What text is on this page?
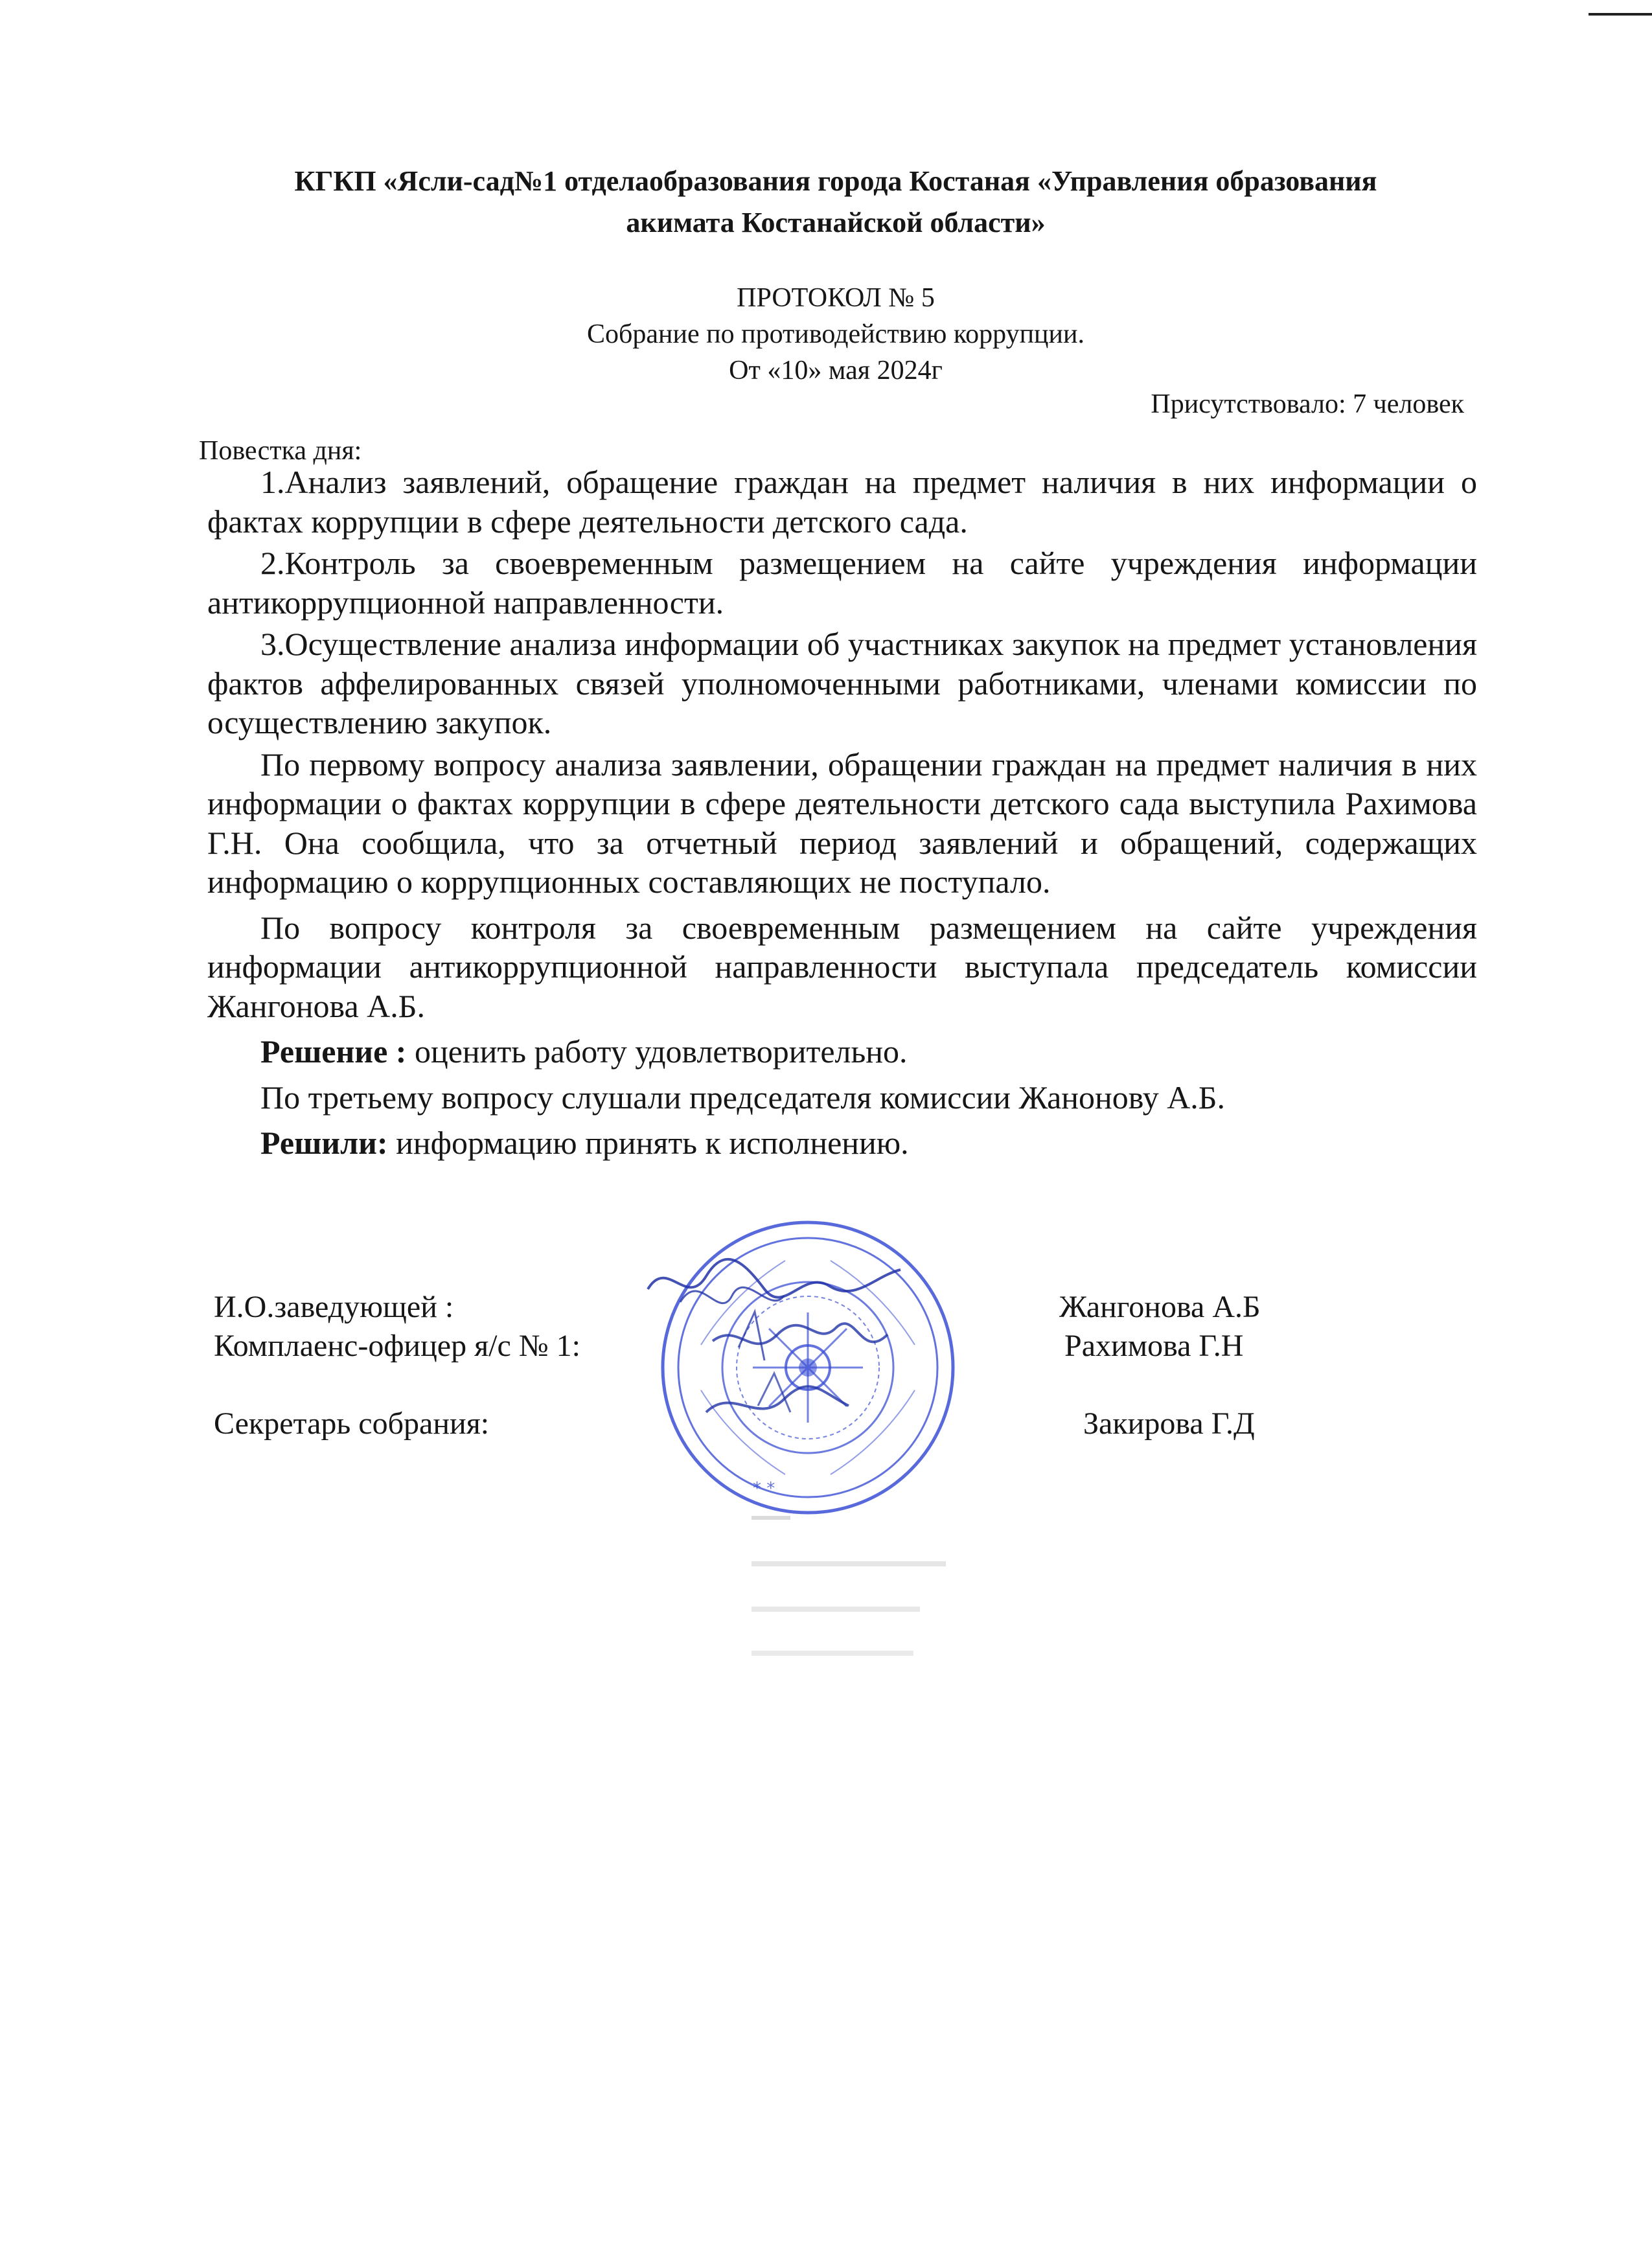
КГКП «Ясли-сад№1 отделаобразования города Костаная «Управления образования
акимата Костанайской области»
ПРОТОКОЛ № 5
Собрание по противодействию коррупции.
От «10» мая 2024г
Присутствовало: 7 человек
Повестка дня:

1.Анализ заявлений, обращение граждан на предмет наличия в них информации о фактах коррупции в сфере деятельности детского сада.

2.Контроль за своевременным размещением на сайте учреждения информации антикоррупционной направленности.

3.Осуществление анализа информации об участниках закупок на предмет установления фактов аффелированных связей уполномоченными работниками, членами комиссии по осуществлению закупок.

По первому вопросу анализа заявлении, обращении граждан на предмет наличия в них информации о фактах коррупции в сфере деятельности детского сада выступила Рахимова Г.Н. Она сообщила, что за отчетный период заявлений и обращений, содержащих информацию о коррупционных составляющих не поступало.

По вопросу контроля за своевременным размещением на сайте учреждения информации антикоррупционной направленности выступала председатель комиссии Жангонова А.Б.

Решение : оценить работу удовлетворительно.

По третьему вопросу слушали председателя комиссии Жанонову А.Б.

Решили: информацию принять к исполнению.

* *
И.О.заведующей :	Жангонова А.Б
Комплаенс-офицер я/с № 1:	Рахимова Г.Н
Секретарь собрания:	Закирова Г.Д
